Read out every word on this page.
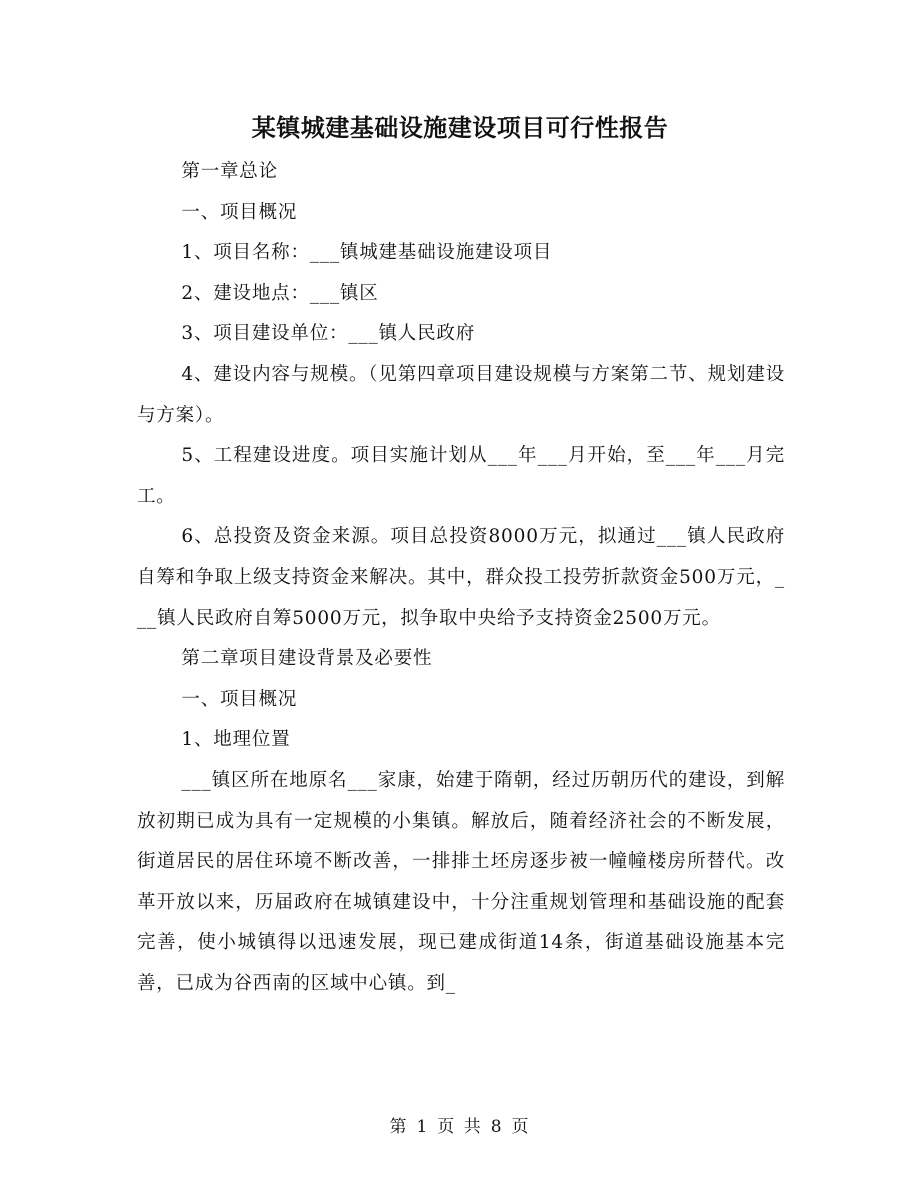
某镇城建基础设施建设项目可行性报告

第一章总论

一、项目概况

1、项目名称：___镇城建基础设施建设项目

2、建设地点：___镇区

3、项目建设单位：___镇人民政府

4、建设内容与规模。（见第四章项目建设规模与方案第二节、规划建设与方案）。

5、工程建设进度。项目实施计划从___年___月开始，至___年___月完工。

6、总投资及资金来源。项目总投资8000万元，拟通过___镇人民政府自筹和争取上级支持资金来解决。其中，群众投工投劳折款资金500万元，___镇人民政府自筹5000万元，拟争取中央给予支持资金2500万元。

第二章项目建设背景及必要性

一、项目概况

1、地理位置

___镇区所在地原名___家康，始建于隋朝，经过历朝历代的建设，到解放初期已成为具有一定规模的小集镇。解放后，随着经济社会的不断发展，街道居民的居住环境不断改善，一排排土坯房逐步被一幢幢楼房所替代。改革开放以来，历届政府在城镇建设中，十分注重规划管理和基础设施的配套完善，使小城镇得以迅速发展，现已建成街道14条，街道基础设施基本完善，已成为谷西南的区域中心镇。到_

第 1 页 共 8 页
